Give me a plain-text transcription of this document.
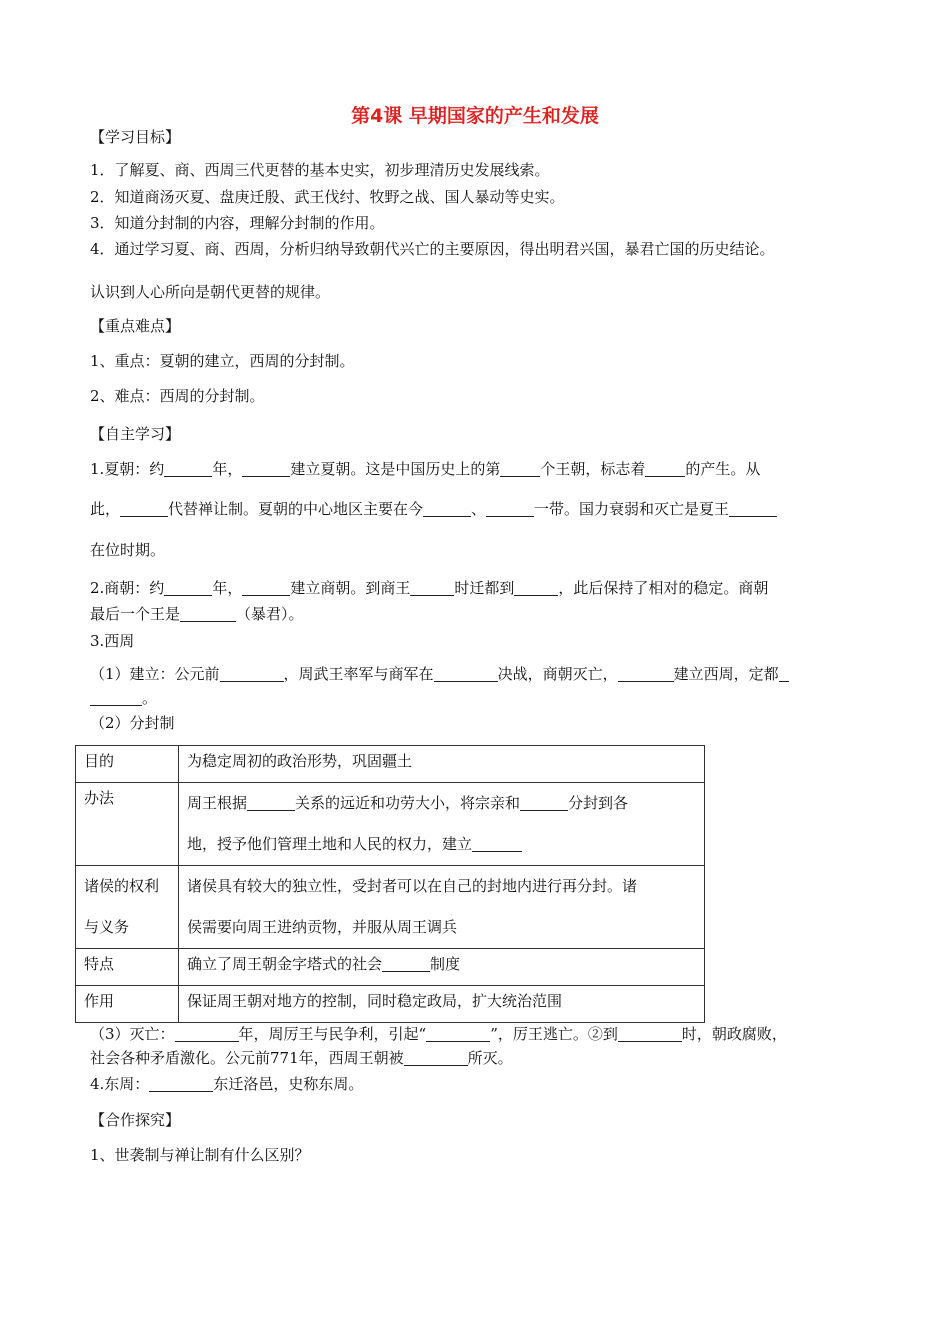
第4课 早期国家的产生和发展
【学习目标】
1．了解夏、商、西周三代更替的基本史实，初步理清历史发展线索。
2．知道商汤灭夏、盘庚迁殷、武王伐纣、牧野之战、国人暴动等史实。
3．知道分封制的内容，理解分封制的作用。
4．通过学习夏、商、西周，分析归纳导致朝代兴亡的主要原因，得出明君兴国，暴君亡国的历史结论。
认识到人心所向是朝代更替的规律。
【重点难点】
1、重点：夏朝的建立，西周的分封制。
2、难点：西周的分封制。
【自主学习】
1.夏朝：约	年，	建立夏朝。这是中国历史上的第	个王朝，标志着	的产生。从
此，	代替禅让制。夏朝的中心地区主要在今	、	一带。国力衰弱和灭亡是夏王
在位时期。
2.商朝：约	年，	建立商朝。到商王	时迁都到	，此后保持了相对的稳定。商朝
最后一个王是	（暴君）。
3.西周
（1）建立：公元前	，周武王率军与商军在	决战，商朝灭亡，	建立西周，定都
。
（2）分封制
目的	为稳定周初的政治形势，巩固疆土
办法	周王根据 关系的远近和功劳大小，将宗亲和 分封到各
地，授予他们管理土地和人民的权力，建立

诸侯的权利
与义务	诸侯具有较大的独立性，受封者可以在自己的封地内进行再分封。诸
侯需要向周王进纳贡物，并服从周王调兵

特点	确立了周王朝金字塔式的社会 制度
作用	保证周王朝对地方的控制，同时稳定政局，扩大统治范围
（3）灭亡：	年，周厉王与民争利，引起“	”，厉王逃亡。②到	时，朝政腐败，
社会各种矛盾激化。公元前771年，西周王朝被	所灭。
4.东周：	东迁洛邑，史称东周。
【合作探究】
1、世袭制与禅让制有什么区别？
